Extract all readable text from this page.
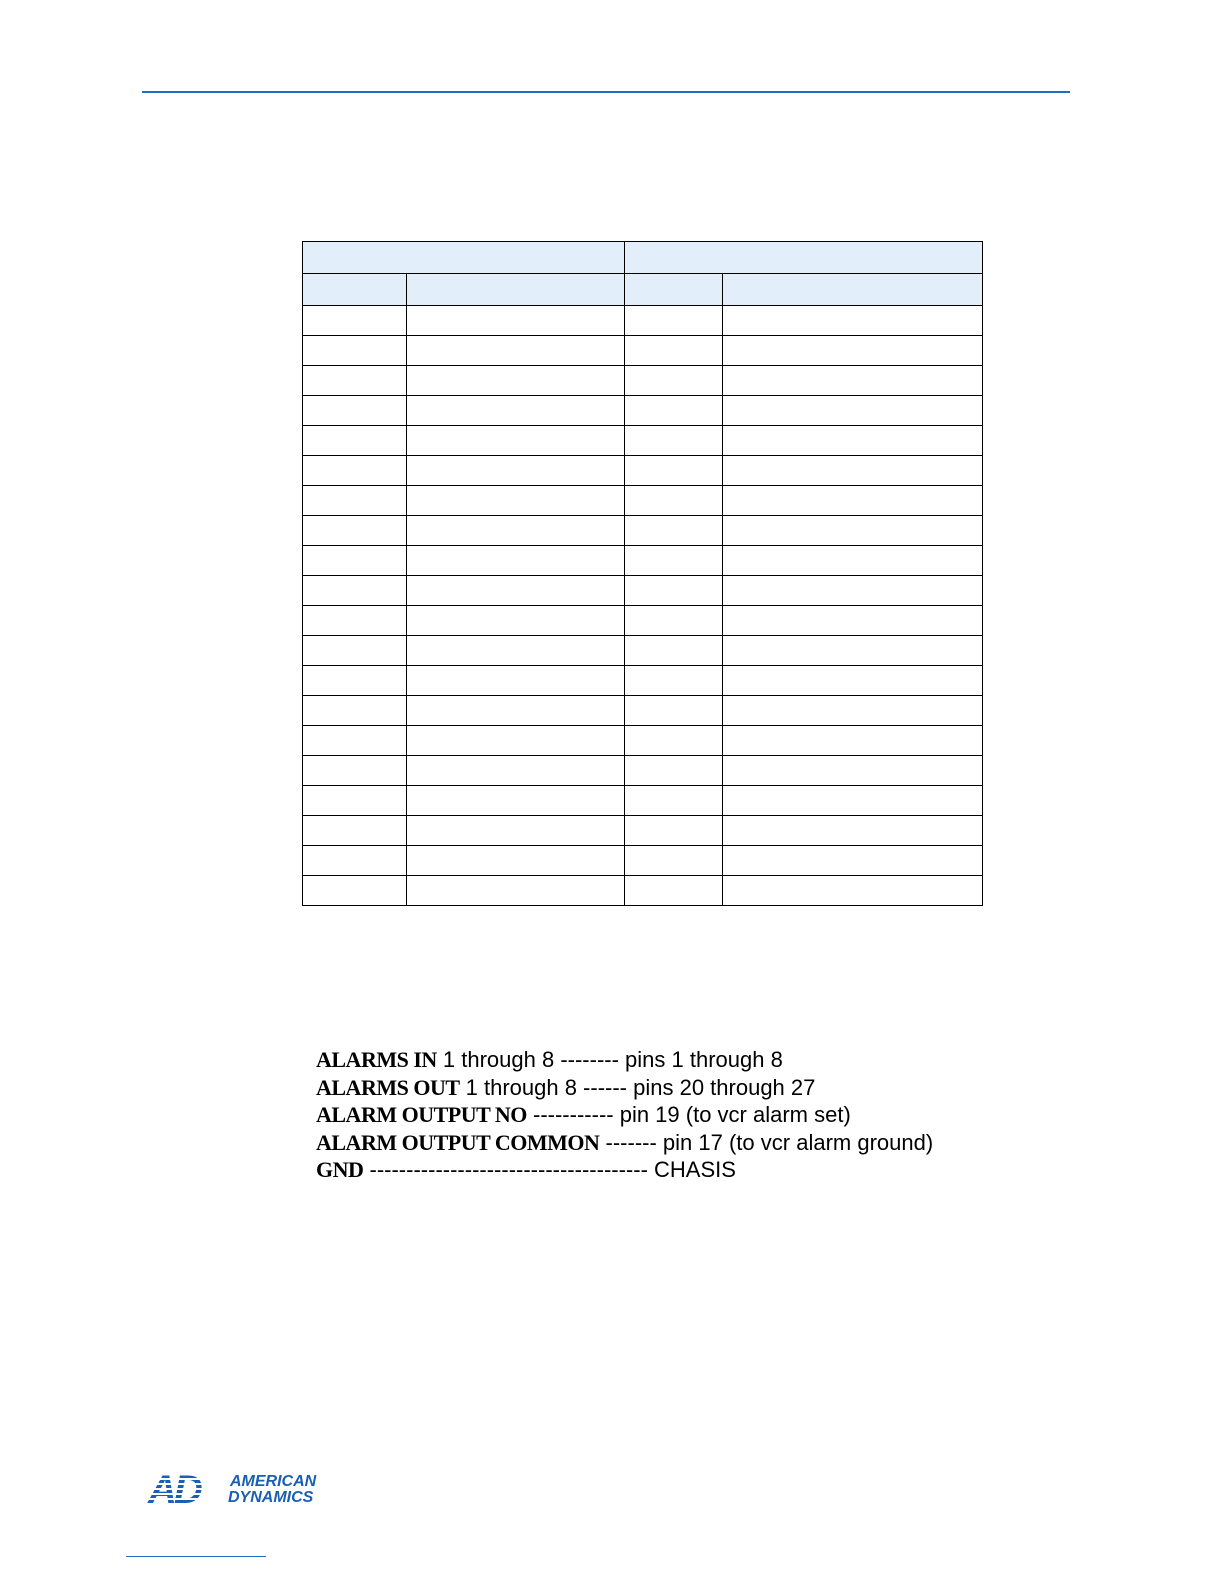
ALARMS IN 1 through 8 -------- pins 1 through 8
ALARMS OUT 1 through 8 ------ pins 20 through 27
ALARM OUTPUT NO ----------- pin 19 (to vcr alarm set)
ALARM OUTPUT COMMON ------- pin 17 (to vcr alarm ground)
GND -------------------------------------- CHASIS
AMERICAN
DYNAMICS
